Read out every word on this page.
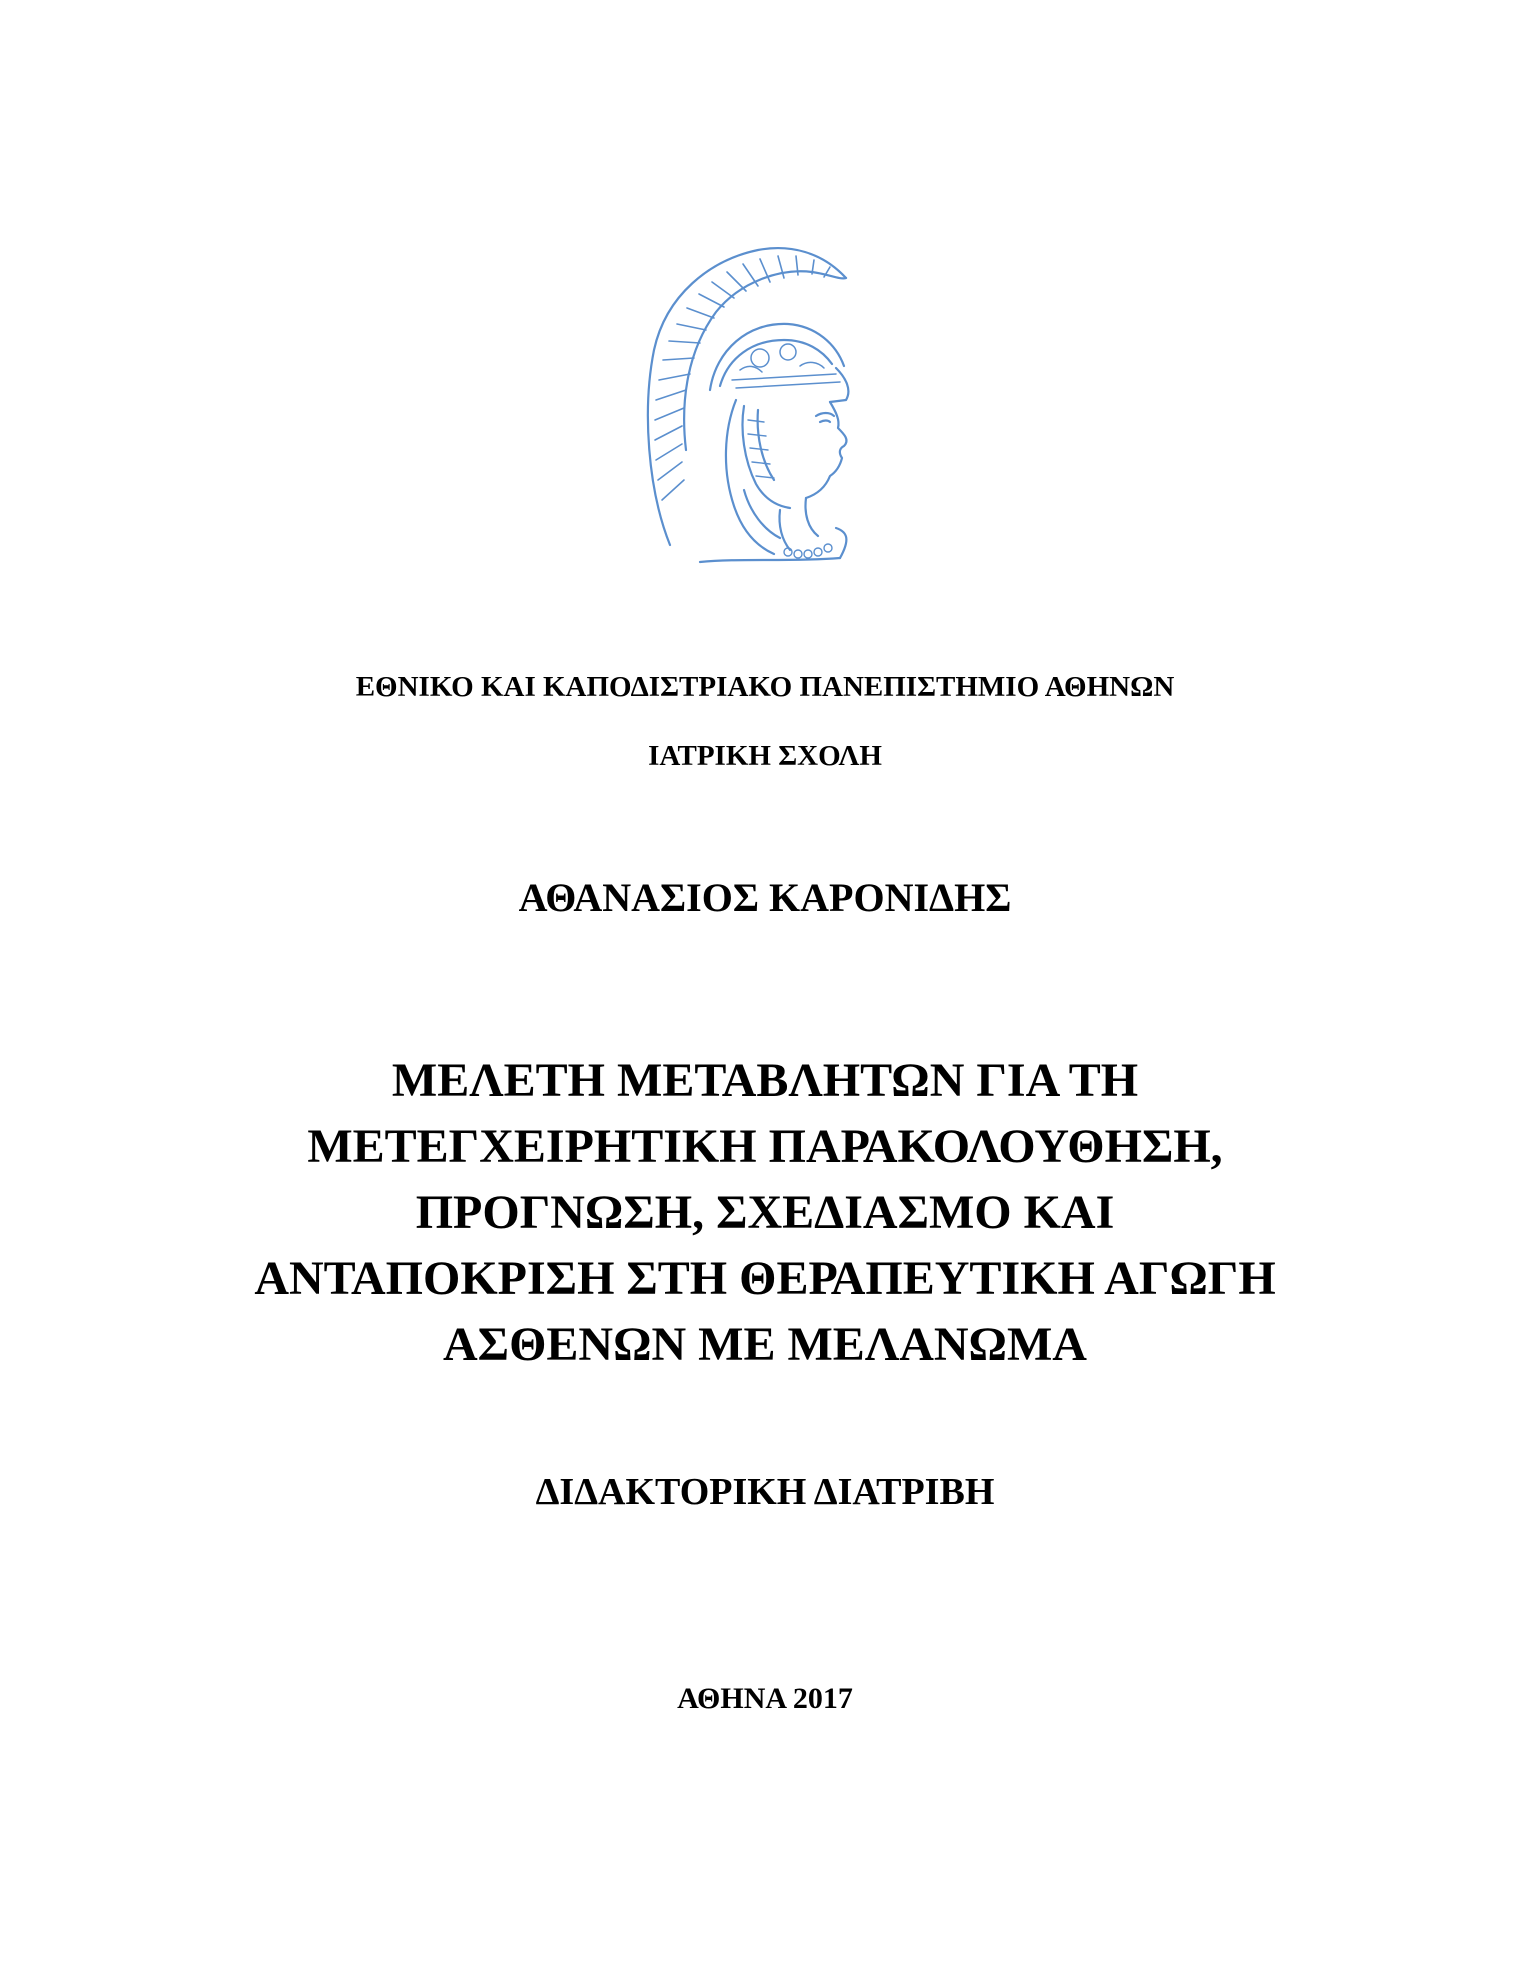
ΕΘΝΙΚΟ ΚΑΙ ΚΑΠΟΔΙΣΤΡΙΑΚΟ ΠΑΝΕΠΙΣΤΗΜΙΟ ΑΘΗΝΩΝ
ΙΑΤΡΙΚΗ ΣΧΟΛΗ
ΑΘΑΝΑΣΙΟΣ ΚΑΡΟΝΙΔΗΣ
ΜΕΛΕΤΗ ΜΕΤΑΒΛΗΤΩΝ ΓΙΑ ΤΗ
ΜΕΤΕΓΧΕΙΡΗΤΙΚΗ ΠΑΡΑΚΟΛΟΥΘΗΣΗ,
ΠΡΟΓΝΩΣΗ, ΣΧΕΔΙΑΣΜΟ ΚΑΙ
ΑΝΤΑΠΟΚΡΙΣΗ ΣΤΗ ΘΕΡΑΠΕΥΤΙΚΗ ΑΓΩΓΗ
ΑΣΘΕΝΩΝ ΜΕ ΜΕΛΑΝΩΜΑ
ΔΙΔΑΚΤΟΡΙΚΗ ΔΙΑΤΡΙΒΗ
ΑΘΗΝΑ 2017
